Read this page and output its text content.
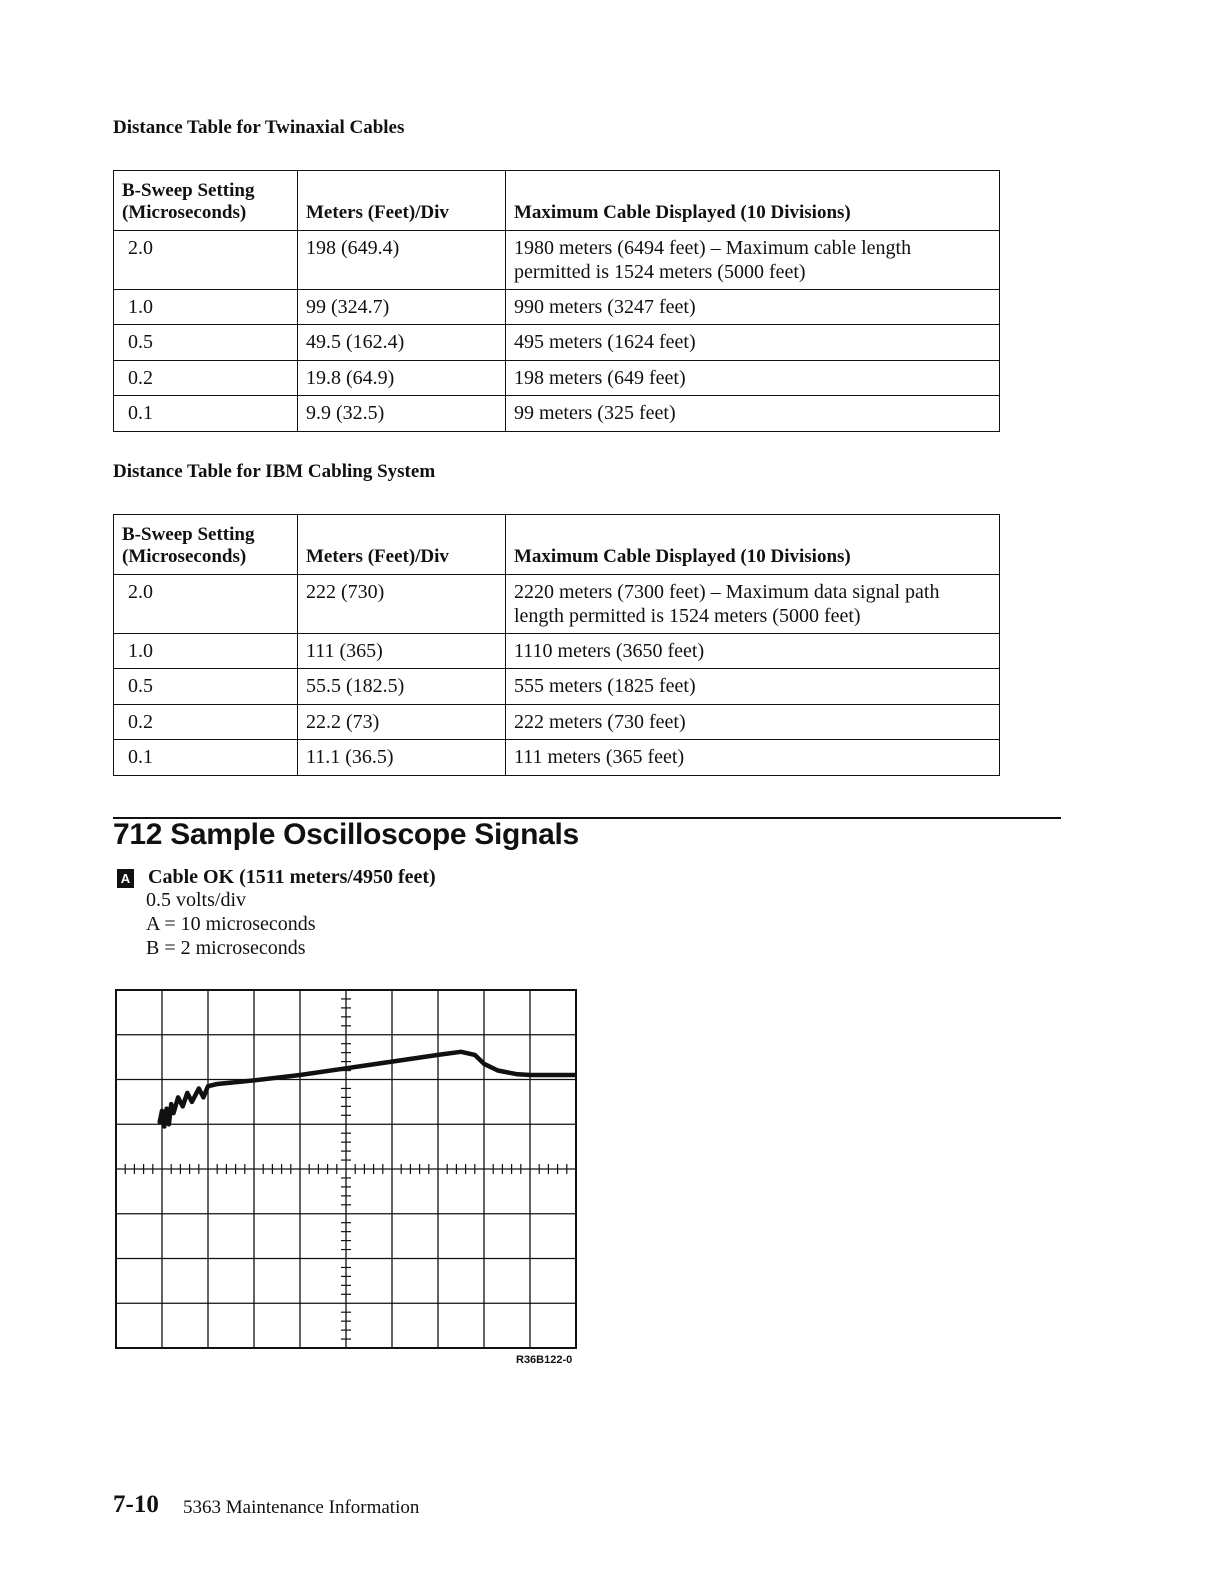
Distance Table for Twinaxial Cables
B-Sweep Setting
(Microseconds)	Meters (Feet)/Div	Maximum Cable Displayed (10 Divisions)
2.0	198 (649.4)	1980 meters (6494 feet) – Maximum cable length
permitted is 1524 meters (5000 feet)

1.0	99 (324.7)	990 meters (3247 feet)
0.5	49.5 (162.4)	495 meters (1624 feet)
0.2	19.8 (64.9)	198 meters (649 feet)
0.1	9.9 (32.5)	99 meters (325 feet)
Distance Table for IBM Cabling System
B-Sweep Setting
(Microseconds)	Meters (Feet)/Div	Maximum Cable Displayed (10 Divisions)
2.0	222 (730)	2220 meters (7300 feet) – Maximum data signal path
length permitted is 1524 meters (5000 feet)

1.0	111 (365)	1110 meters (3650 feet)
0.5	55.5 (182.5)	555 meters (1825 feet)
0.2	22.2 (73)	222 meters (730 feet)
0.1	11.1 (36.5)	111 meters (365 feet)
712 Sample Oscilloscope Signals
A Cable OK (1511 meters/4950 feet)
0.5 volts/div
A = 10 microseconds
B = 2 microseconds
R36B122-0
7-10 5363 Maintenance Information
